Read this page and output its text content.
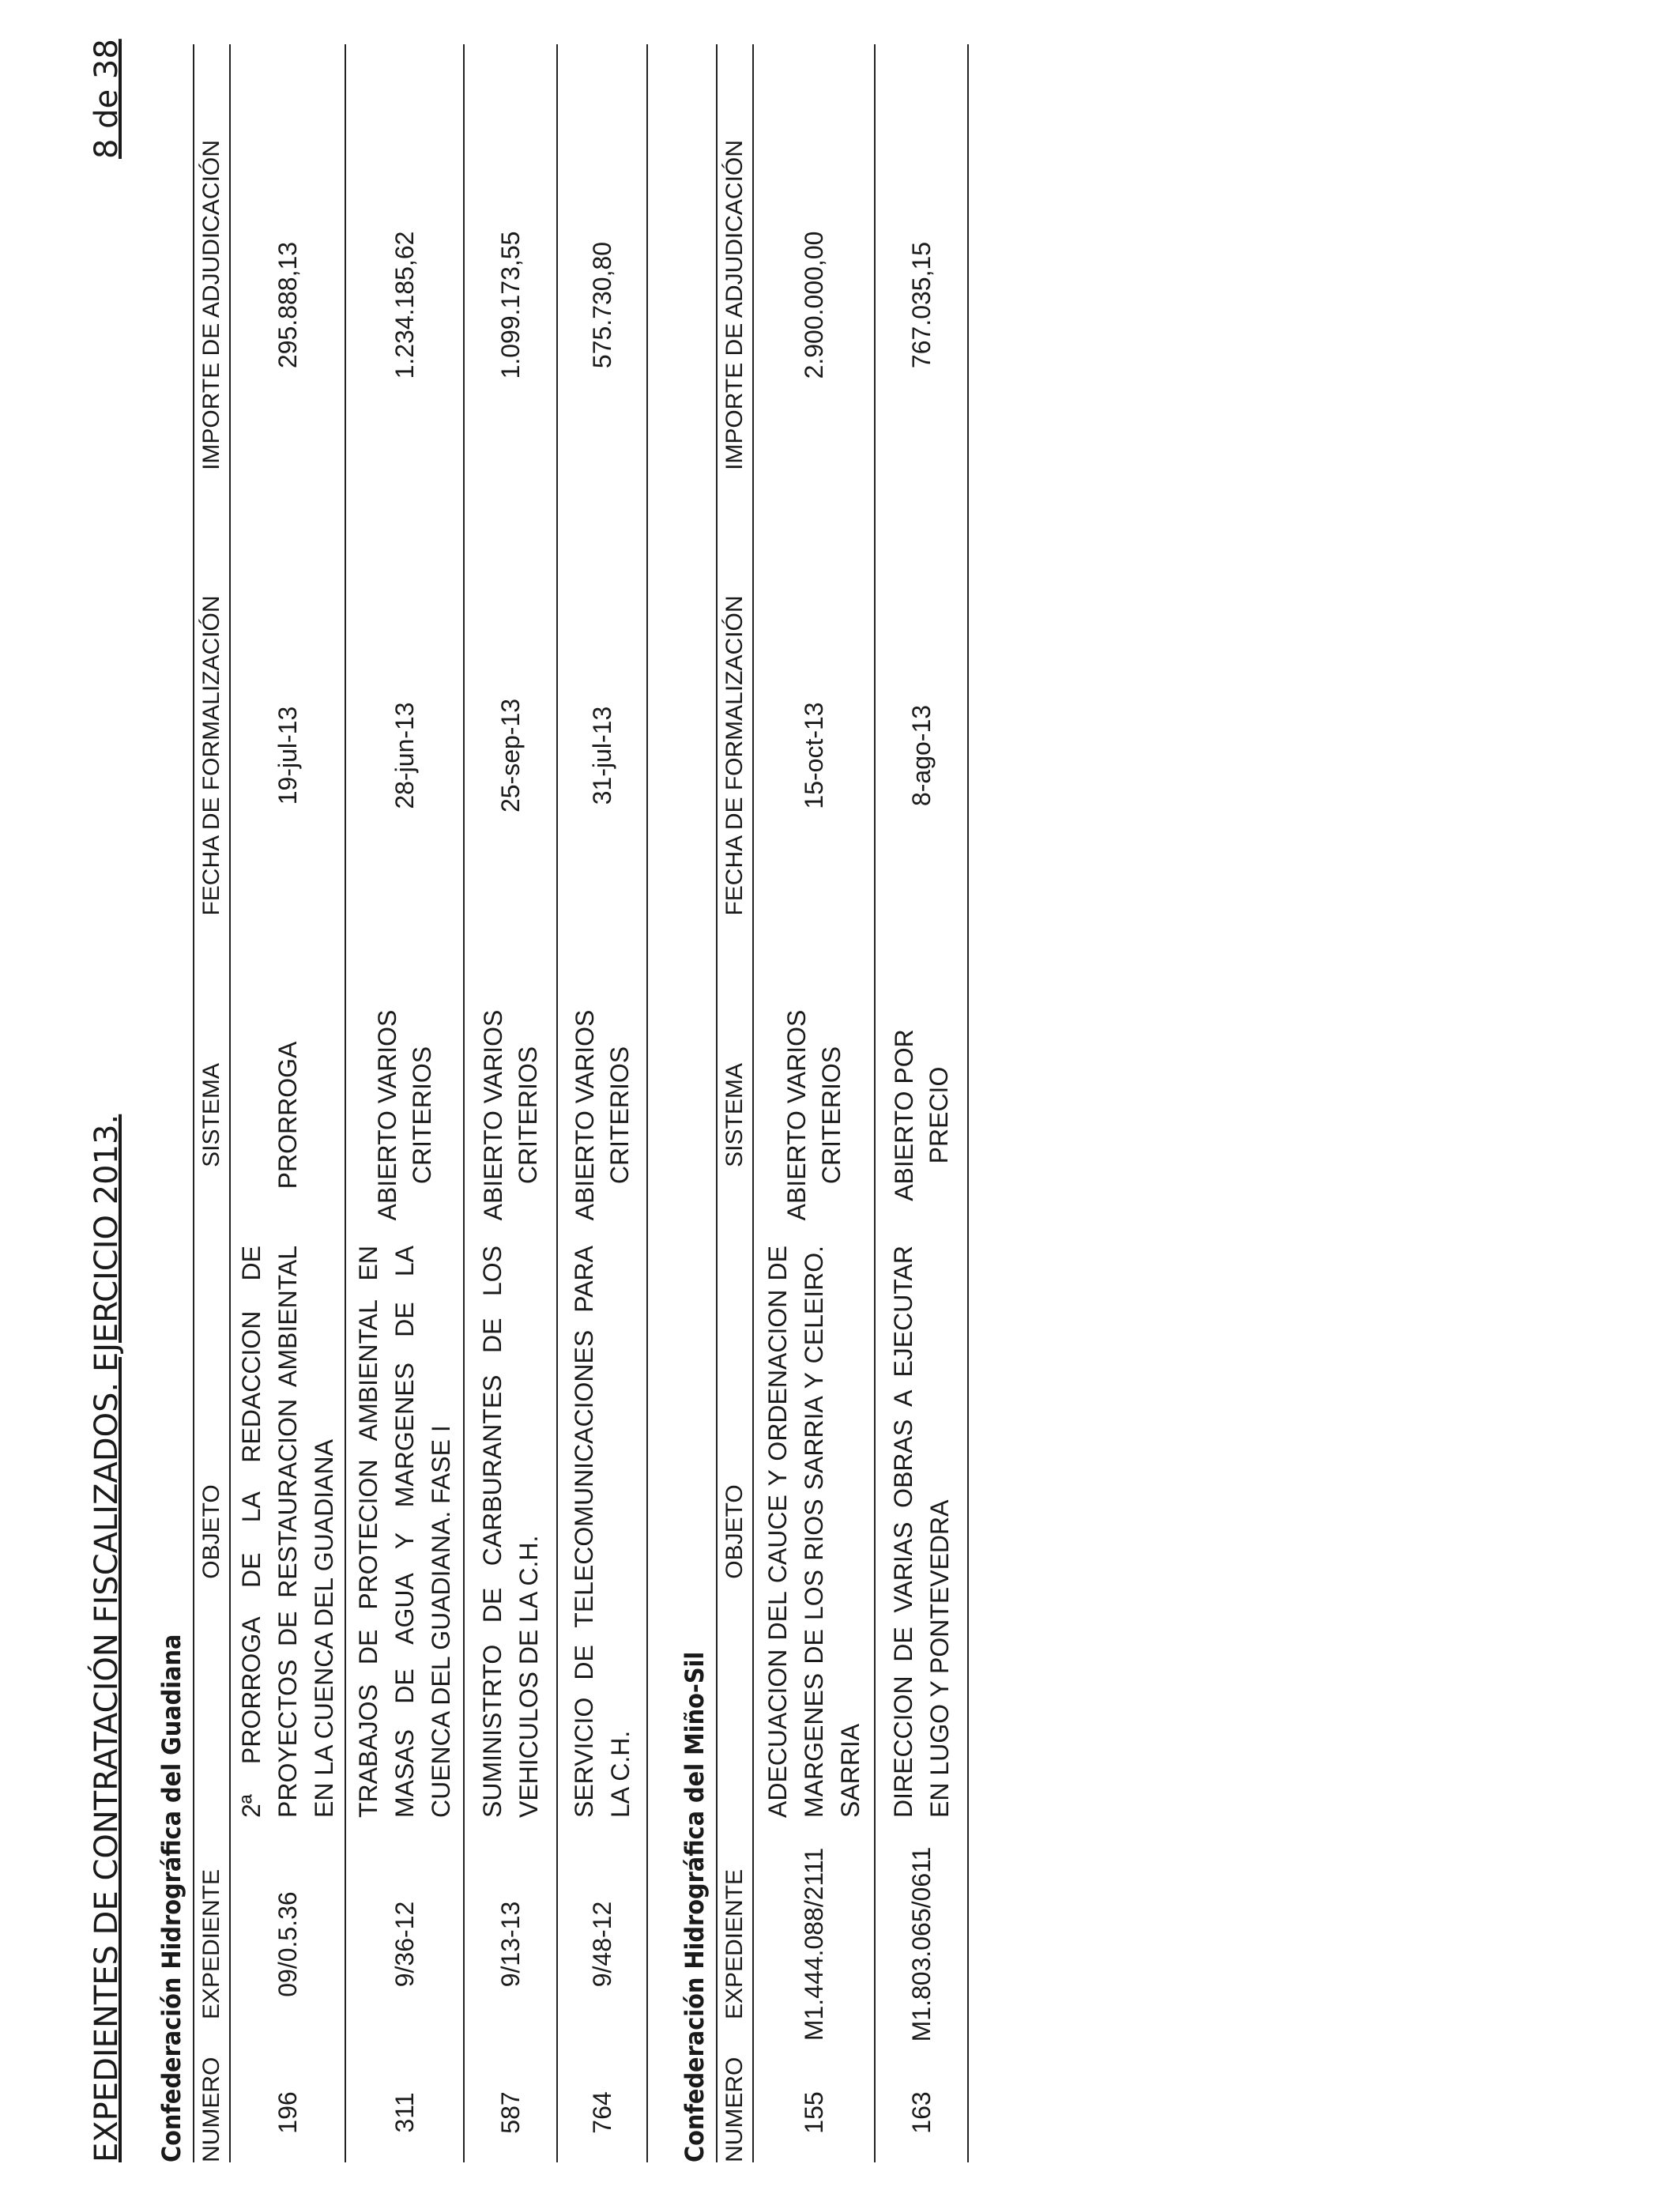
EXPEDIENTES DE CONTRATACIÓN FISCALIZADOS. EJERCICIO 2013.
8 de 38
Confederación Hidrográfica del Guadiana NUMERO
EXPEDIENTE
OBJETO
SISTEMA
FECHA DE FORMALIZACIÓN
IMPORTE DE ADJUDICACIÓN
196
09/0.5.36
2ª PRORROGA DE LA REDACCION DE PROYECTOS DE RESTAURACION AMBIENTAL EN LA CUENCA DEL GUADIANA
PRORROGA
19-jul-13
295.888,13
311
9/36-12
TRABAJOS DE PROTECION AMBIENTAL EN MASAS DE AGUA Y MARGENES DE LA CUENCA DEL GUADIANA. FASE I
ABIERTO VARIOS CRITERIOS
28-jun-13
1.234.185,62
587
9/13-13
SUMINISTRTO DE CARBURANTES DE LOS VEHICULOS DE LA C.H.
ABIERTO VARIOS CRITERIOS
25-sep-13
1.099.173,55
764
9/48-12
SERVICIO DE TELECOMUNICACIONES PARA LA C.H.
ABIERTO VARIOS CRITERIOS
31-jul-13
575.730,80
Confederación Hidrográfica del Miño-Sil NUMERO
EXPEDIENTE
OBJETO
SISTEMA
FECHA DE FORMALIZACIÓN
IMPORTE DE ADJUDICACIÓN
155
M1.444.088/2111
ADECUACION DEL CAUCE Y ORDENACION DE MARGENES DE LOS RIOS SARRIA Y CELEIRO. SARRIA
ABIERTO VARIOS CRITERIOS
15-oct-13
2.900.000,00
163
M1.803.065/0611
DIRECCION DE VARIAS OBRAS A EJECUTAR EN LUGO Y PONTEVEDRA
ABIERTO POR PRECIO
8-ago-13
767.035,15
